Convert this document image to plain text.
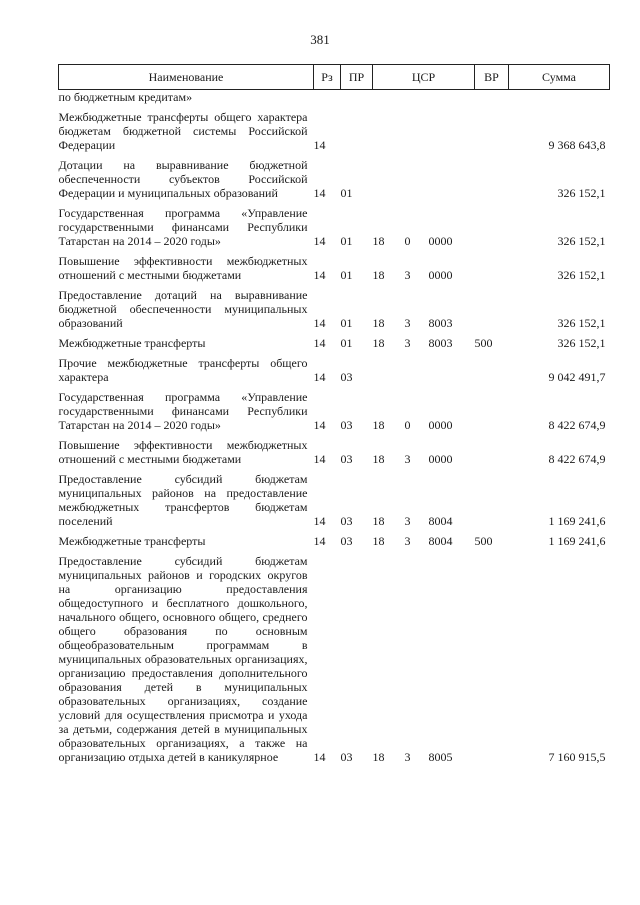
381
Наименование	Рз	ПР	ЦСР			ВР	Сумма
по бюджетным кредитам»							
Межбюджетные трансферты общего характера бюджетам бюджетной системы Российской Федерации	14						9 368 643,8
Дотации на выравнивание бюджетной обеспеченности субъектов Российской Федерации и муниципальных образований	14	01					326 152,1
Государственная программа «Управление государственными финансами Республики Татарстан на 2014 – 2020 годы»	14	01	18	0	0000		326 152,1
Повышение эффективности межбюджетных отношений с местными бюджетами	14	01	18	3	0000		326 152,1
Предоставление дотаций на выравнивание бюджетной обеспеченности муниципальных образований	14	01	18	3	8003		326 152,1
Межбюджетные трансферты	14	01	18	3	8003	500	326 152,1
Прочие межбюджетные трансферты общего характера	14	03					9 042 491,7
Государственная программа «Управление государственными финансами Республики Татарстан на 2014 – 2020 годы»	14	03	18	0	0000		8 422 674,9
Повышение эффективности межбюджетных отношений с местными бюджетами	14	03	18	3	0000		8 422 674,9
Предоставление субсидий бюджетам муниципальных районов на предоставление межбюджетных трансфертов бюджетам поселений	14	03	18	3	8004		1 169 241,6
Межбюджетные трансферты	14	03	18	3	8004	500	1 169 241,6
Предоставление субсидий бюджетам муниципальных районов и городских округов на организацию предоставления общедоступного и бесплатного дошкольного, начального общего, основного общего, среднего общего образования по основным общеобразовательным программам в муниципальных образовательных организациях, организацию предоставления дополнительного образования детей в муниципальных образовательных организациях, создание условий для осуществления присмотра и ухода за детьми, содержания детей в муниципальных образовательных организациях, а также на организацию отдыха детей в каникулярное	14	03	18	3	8005		7 160 915,5
